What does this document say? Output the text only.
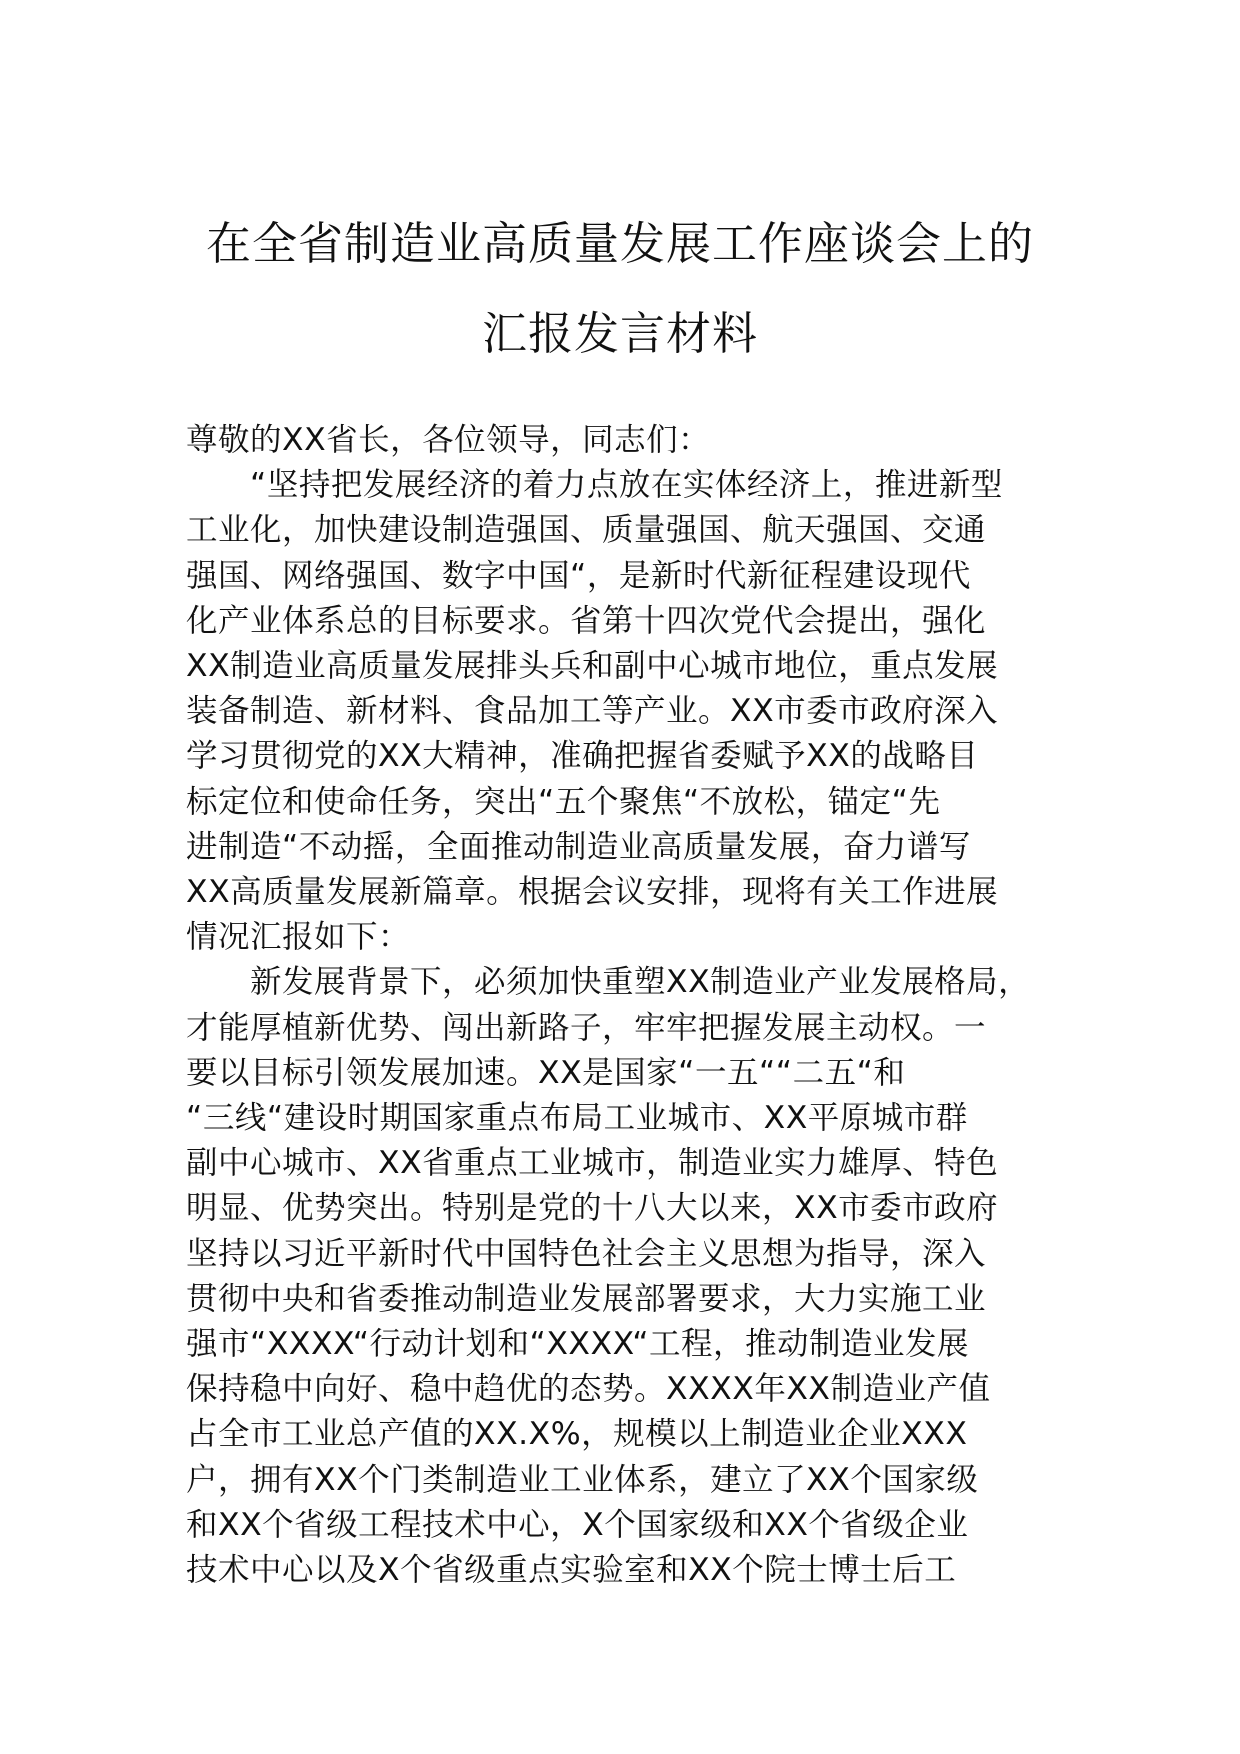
在全省制造业高质量发展工作座谈会上的
汇报发言材料

尊敬的XX省长，各位领导，同志们：

“坚持把发展经济的着力点放在实体经济上，推进新型
工业化，加快建设制造强国、质量强国、航天强国、交通
强国、网络强国、数字中国“，是新时代新征程建设现代
化产业体系总的目标要求。省第十四次党代会提出，强化
XX制造业高质量发展排头兵和副中心城市地位，重点发展
装备制造、新材料、食品加工等产业。XX市委市政府深入
学习贯彻党的XX大精神，准确把握省委赋予XX的战略目
标定位和使命任务，突出“五个聚焦“不放松，锚定“先
进制造“不动摇，全面推动制造业高质量发展，奋力谱写
XX高质量发展新篇章。根据会议安排，现将有关工作进展
情况汇报如下：

新发展背景下，必须加快重塑XX制造业产业发展格局，
才能厚植新优势、闯出新路子，牢牢把握发展主动权。一
要以目标引领发展加速。XX是国家“一五““二五“和
“三线“建设时期国家重点布局工业城市、XX平原城市群
副中心城市、XX省重点工业城市，制造业实力雄厚、特色
明显、优势突出。特别是党的十八大以来，XX市委市政府
坚持以习近平新时代中国特色社会主义思想为指导，深入
贯彻中央和省委推动制造业发展部署要求，大力实施工业
强市“XXXX“行动计划和“XXXX“工程，推动制造业发展
保持稳中向好、稳中趋优的态势。XXXX年XX制造业产值
占全市工业总产值的XX.X%，规模以上制造业企业XXX
户，拥有XX个门类制造业工业体系，建立了XX个国家级
和XX个省级工程技术中心，X个国家级和XX个省级企业
技术中心以及X个省级重点实验室和XX个院士博士后工
